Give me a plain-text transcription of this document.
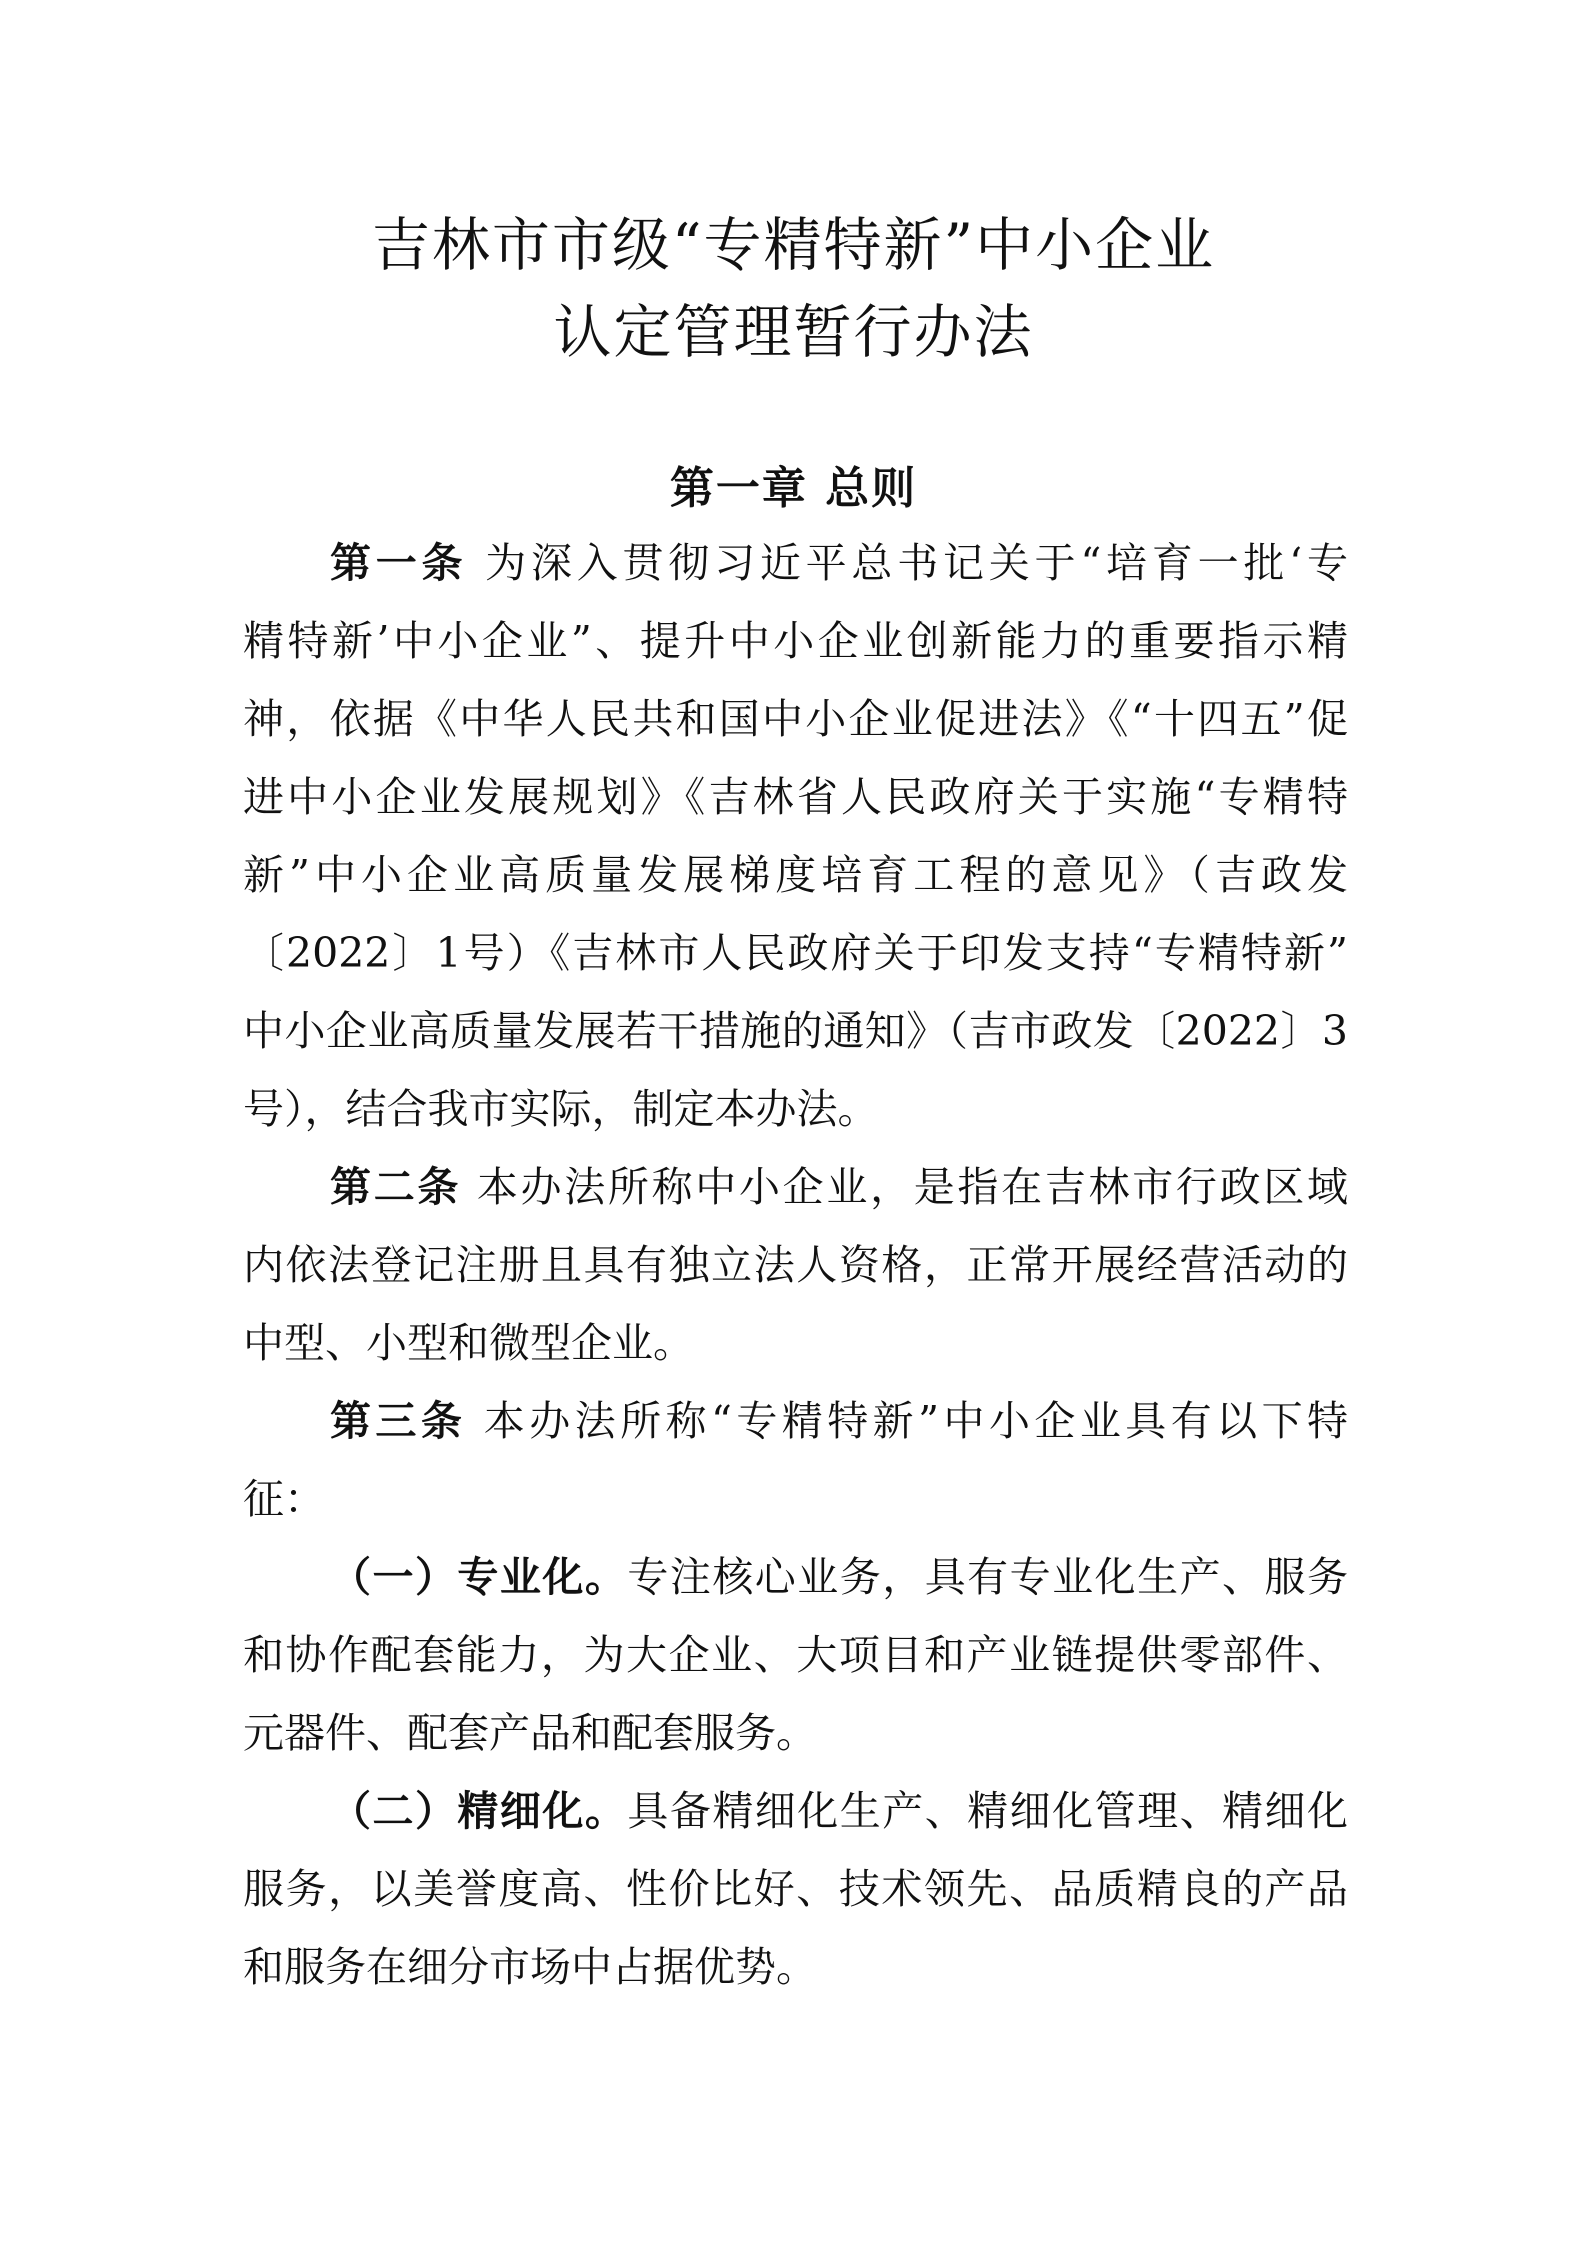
吉林市市级“专精特新”中小企业
认定管理暂行办法
第一章 总则
第一条 为深入贯彻习近平总书记关于“培育一批‘专
精特新’中小企业”、提升中小企业创新能力的重要指示精
神，依据《中华人民共和国中小企业促进法》《“十四五”促
进中小企业发展规划》《吉林省人民政府关于实施“专精特
新”中小企业高质量发展梯度培育工程的意见》（吉政发
〔2022〕1号）《吉林市人民政府关于印发支持“专精特新”
中小企业高质量发展若干措施的通知》（吉市政发〔2022〕3
号），结合我市实际，制定本办法。
第二条 本办法所称中小企业，是指在吉林市行政区域
内依法登记注册且具有独立法人资格，正常开展经营活动的
中型、小型和微型企业。
第三条 本办法所称“专精特新”中小企业具有以下特
征：
（一）专业化。专注核心业务，具有专业化生产、服务
和协作配套能力，为大企业、大项目和产业链提供零部件、
元器件、配套产品和配套服务。
（二）精细化。具备精细化生产、精细化管理、精细化
服务，以美誉度高、性价比好、技术领先、品质精良的产品
和服务在细分市场中占据优势。
